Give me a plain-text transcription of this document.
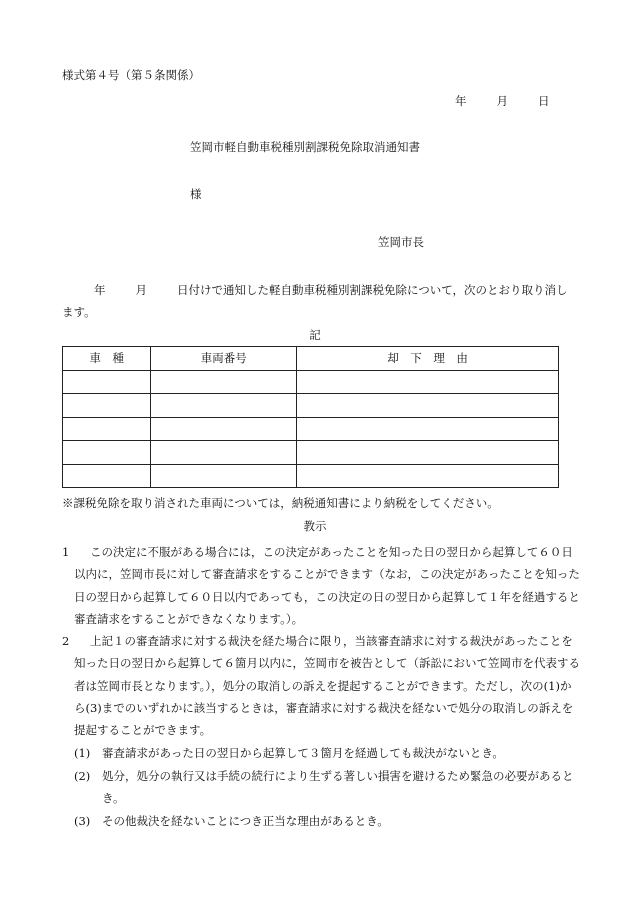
様式第４号（第５条関係）
年	月	日
笠岡市軽自動車税種別割課税免除取消通知書
様
笠岡市長
年	月	日付けで通知した軽自動車税種別割課税免除について，次のとおり取り消します。
記
車　種	車両番号	却　下　理　由

※課税免除を取り消された車両については，納税通知書により納税をしてください。
教示
1	この決定に不服がある場合には，この決定があったことを知った日の翌日から起算して６０日以内に，笠岡市長に対して審査請求をすることができます（なお，この決定があったことを知った日の翌日から起算して６０日以内であっても，この決定の日の翌日から起算して１年を経過すると審査請求をすることができなくなります。）。
2	上記１の審査請求に対する裁決を経た場合に限り，当該審査請求に対する裁決があったことを知った日の翌日から起算して６箇月以内に，笠岡市を被告として（訴訟において笠岡市を代表する者は笠岡市長となります。），処分の取消しの訴えを提起することができます。ただし，次の(1)から(3)までのいずれかに該当するときは，審査請求に対する裁決を経ないで処分の取消しの訴えを提起することができます。
(1) 審査請求があった日の翌日から起算して３箇月を経過しても裁決がないとき。
(2) 処分，処分の執行又は手続の続行により生ずる著しい損害を避けるため緊急の必要があるとき。
(3) その他裁決を経ないことにつき正当な理由があるとき。
